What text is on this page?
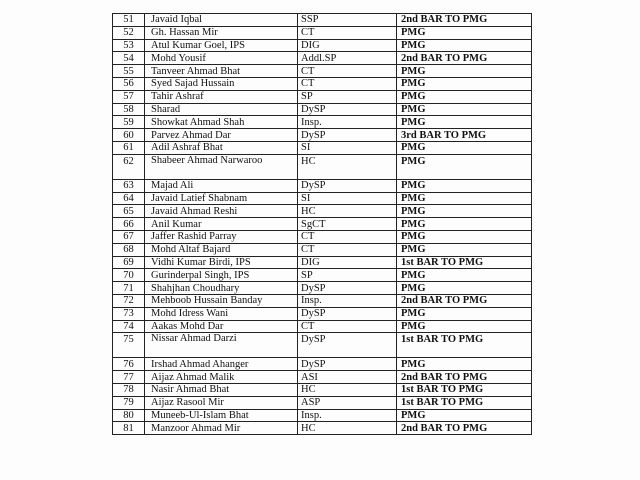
51	Javaid Iqbal	SSP	2nd BAR TO PMG
52	Gh. Hassan Mir	CT	PMG
53	Atul Kumar Goel, IPS	DIG	PMG
54	Mohd Yousif	Addl.SP	2nd BAR TO PMG
55	Tanveer Ahmad Bhat	CT	PMG
56	Syed Sajad Hussain	CT	PMG
57	Tahir Ashraf	SP	PMG
58	Sharad	DySP	PMG
59	Showkat Ahmad Shah	Insp.	PMG
60	Parvez Ahmad Dar	DySP	3rd BAR TO PMG
61	Adil Ashraf Bhat	SI	PMG
62	Shabeer Ahmad Narwaroo	HC	PMG
63	Majad Ali	DySP	PMG
64	Javaid Latief Shabnam	SI	PMG
65	Javaid Ahmad Reshi	HC	PMG
66	Anil Kumar	SgCT	PMG
67	Jaffer Rashid Parray	CT	PMG
68	Mohd Altaf Bajard	CT	PMG
69	Vidhi Kumar Birdi, IPS	DIG	1st BAR TO PMG
70	Gurinderpal Singh, IPS	SP	PMG
71	Shahjhan Choudhary	DySP	PMG
72	Mehboob Hussain Banday	Insp.	2nd BAR TO PMG
73	Mohd Idress Wani	DySP	PMG
74	Aakas Mohd Dar	CT	PMG
75	Nissar Ahmad Darzi	DySP	1st BAR TO PMG
76	Irshad Ahmad Ahanger	DySP	PMG
77	Aijaz Ahmad Malik	ASI	2nd BAR TO PMG
78	Nasir Ahmad Bhat	HC	1st BAR TO PMG
79	Aijaz Rasool Mir	ASP	1st BAR TO PMG
80	Muneeb-Ul-Islam Bhat	Insp.	PMG
81	Manzoor Ahmad Mir	HC	2nd BAR TO PMG
